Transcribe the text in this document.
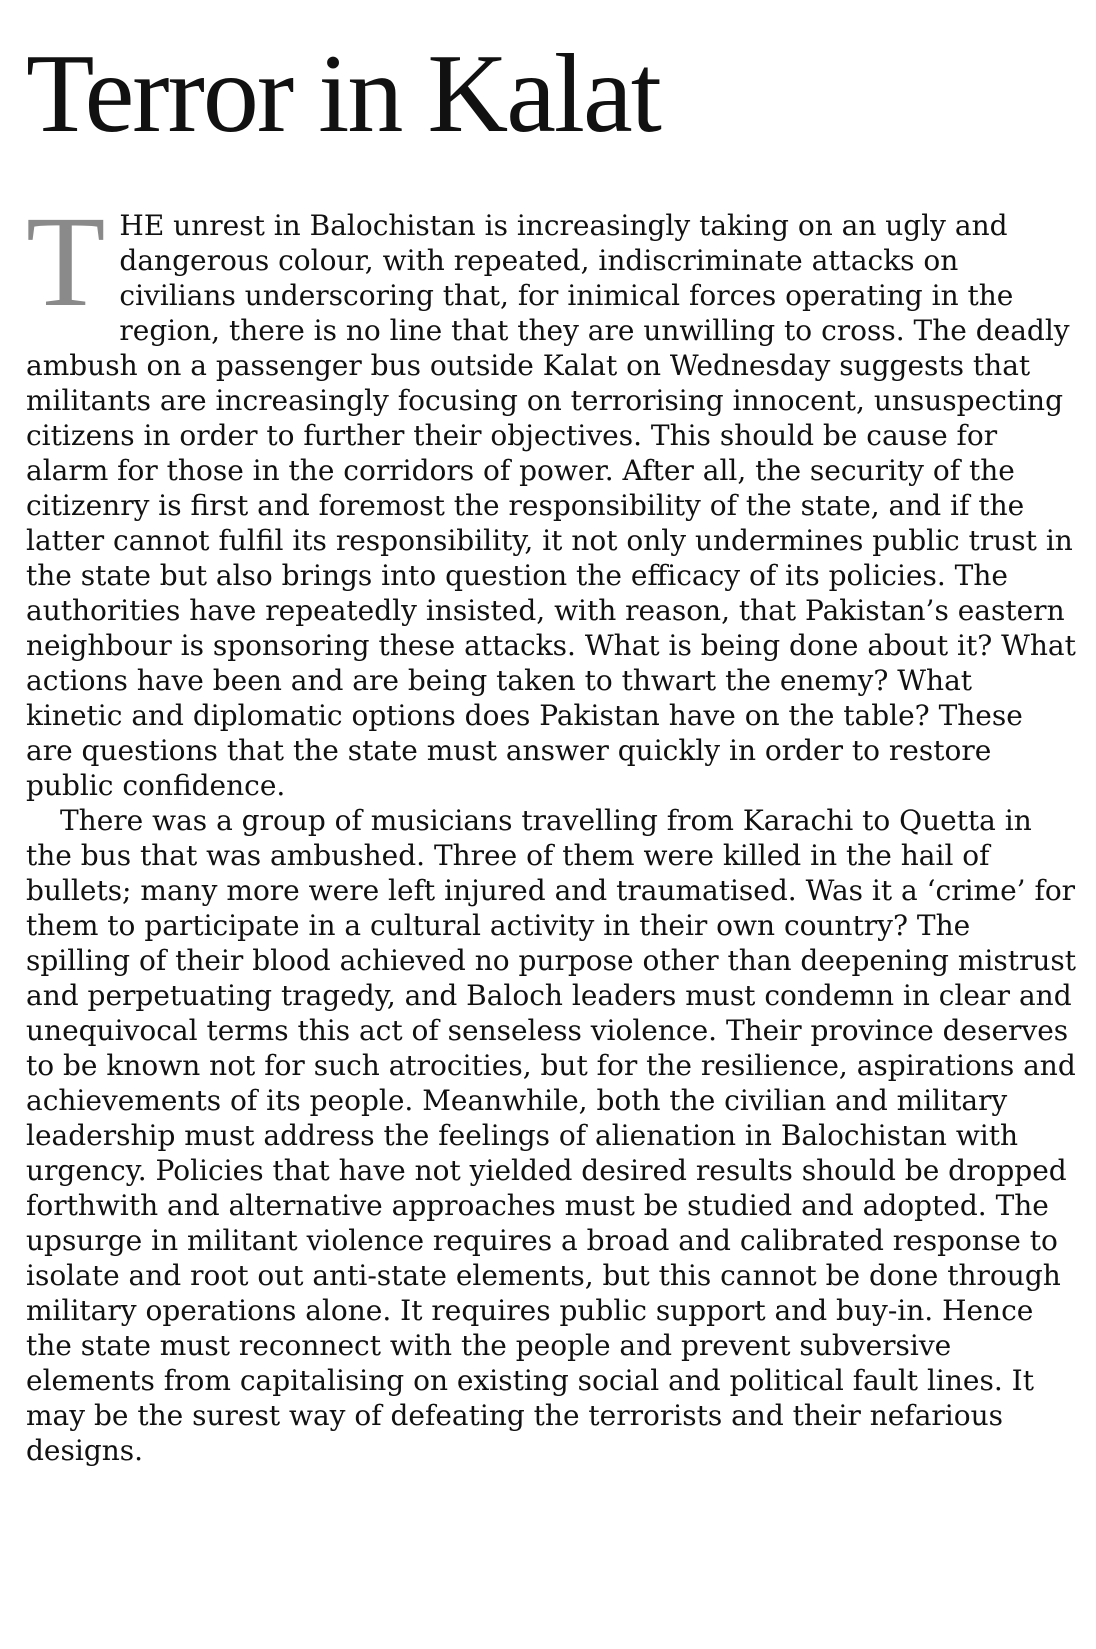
Terror in Kalat

THE unrest in Balochistan is increasingly taking on an ugly and dangerous colour, with repeated, indiscriminate attacks on civilians underscoring that, for inimical forces operating in the region, there is no line that they are unwilling to cross. The deadly ambush on a passenger bus outside Kalat on Wednesday suggests that militants are increasingly focusing on terrorising innocent, unsuspecting citizens in order to further their objectives. This should be cause for alarm for those in the corridors of power. After all, the security of the citizenry is first and foremost the responsibility of the state, and if the latter cannot fulfil its responsibility, it not only undermines public trust in the state but also brings into question the efficacy of its policies. The authorities have repeatedly insisted, with reason, that Pakistan’s eastern neighbour is sponsoring these attacks. What is being done about it? What actions have been and are being taken to thwart the enemy? What kinetic and diplomatic options does Pakistan have on the table? These are questions that the state must answer quickly in order to restore public confidence.

There was a group of musicians travelling from Karachi to Quetta in the bus that was ambushed. Three of them were killed in the hail of bullets; many more were left injured and traumatised. Was it a ‘crime’ for them to participate in a cultural activity in their own country? The spilling of their blood achieved no purpose other than deepening mistrust and perpetuating tragedy, and Baloch leaders must condemn in clear and unequivocal terms this act of senseless violence. Their province deserves to be known not for such atrocities, but for the resilience, aspirations and achievements of its people. Meanwhile, both the civilian and military leadership must address the feelings of alienation in Balochistan with urgency. Policies that have not yielded desired results should be dropped forthwith and alternative approaches must be studied and adopted. The upsurge in militant violence requires a broad and calibrated response to isolate and root out anti-state elements, but this cannot be done through military operations alone. It requires public support and buy-in. Hence the state must reconnect with the people and prevent subversive elements from capitalising on existing social and political fault lines. It may be the surest way of defeating the terrorists and their nefarious designs.
